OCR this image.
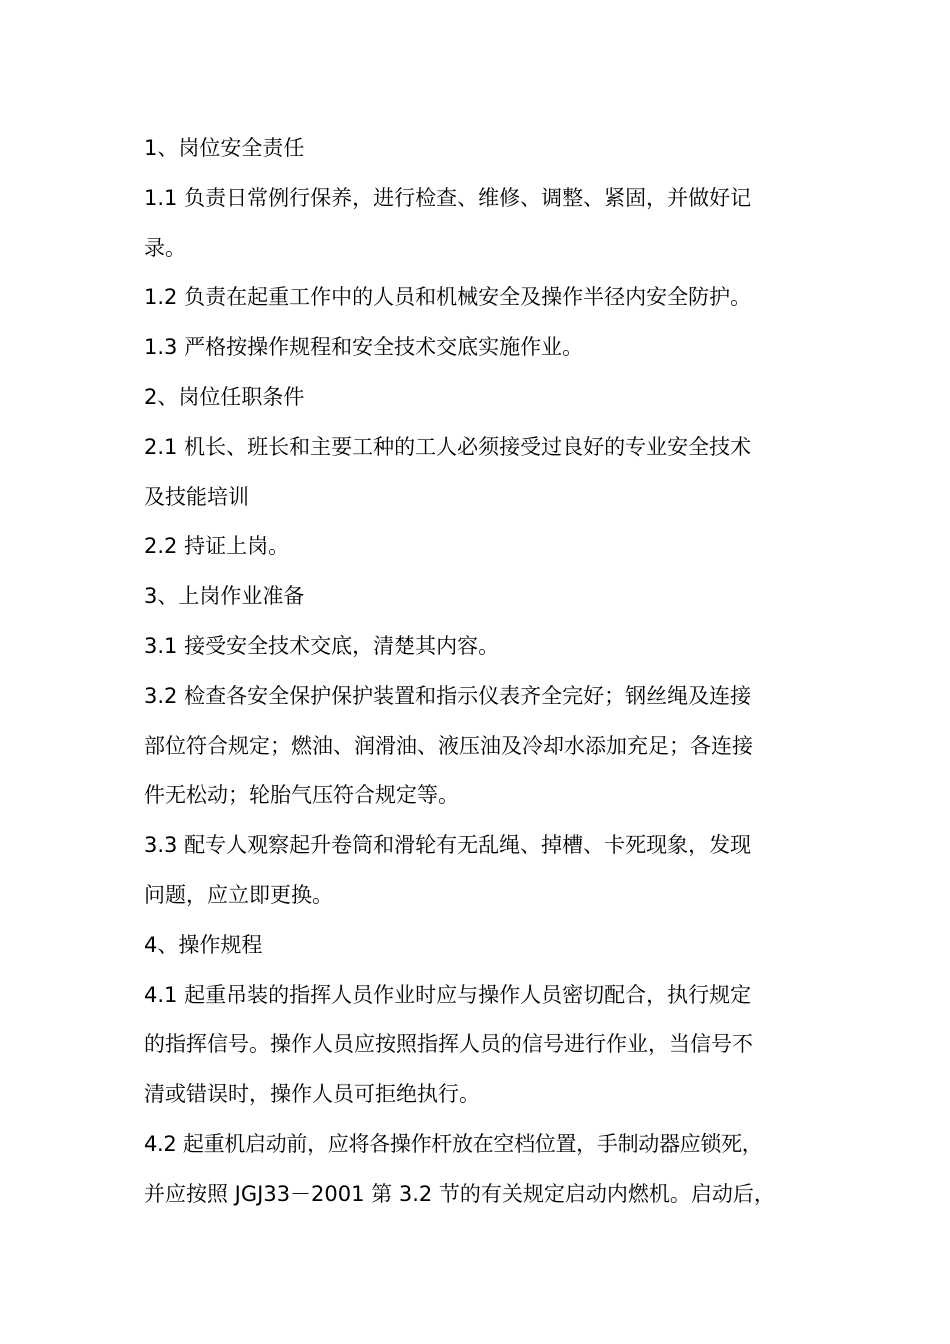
1、岗位安全责任

1.1 负责日常例行保养，进行检查、维修、调整、紧固，并做好记

录。

1.2 负责在起重工作中的人员和机械安全及操作半径内安全防护。

1.3 严格按操作规程和安全技术交底实施作业。

2、岗位任职条件

2.1 机长、班长和主要工种的工人必须接受过良好的专业安全技术

及技能培训

2.2 持证上岗。

3、上岗作业准备

3.1 接受安全技术交底，清楚其内容。

3.2 检查各安全保护保护装置和指示仪表齐全完好；钢丝绳及连接

部位符合规定；燃油、润滑油、液压油及冷却水添加充足；各连接

件无松动；轮胎气压符合规定等。

3.3 配专人观察起升卷筒和滑轮有无乱绳、掉槽、卡死现象，发现

问题，应立即更换。

4、操作规程

4.1 起重吊装的指挥人员作业时应与操作人员密切配合，执行规定

的指挥信号。操作人员应按照指挥人员的信号进行作业，当信号不

清或错误时，操作人员可拒绝执行。

4.2 起重机启动前，应将各操作杆放在空档位置，手制动器应锁死，

并应按照 JGJ33－2001 第 3.2 节的有关规定启动内燃机。启动后，
